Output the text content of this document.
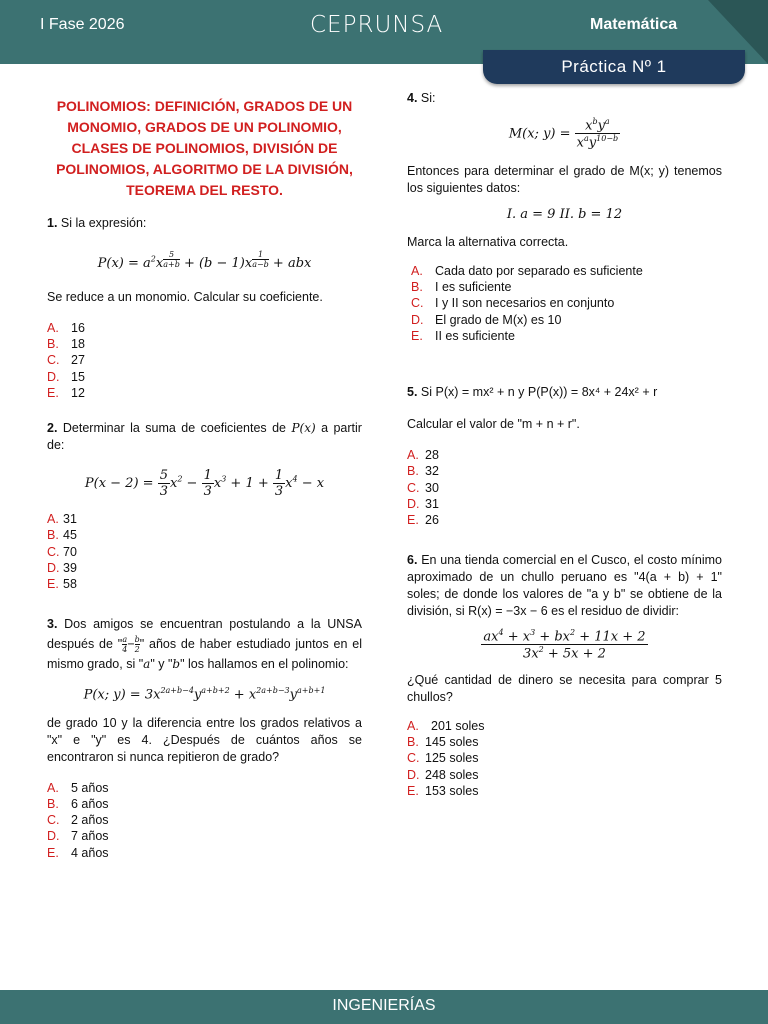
I Fase 2026	CEPRUNSA	Matemática
Práctica Nº 1
POLINOMIOS: DEFINICIÓN, GRADOS DE UN MONOMIO, GRADOS DE UN POLINOMIO, CLASES DE POLINOMIOS, DIVISIÓN DE POLINOMIOS, ALGORITMO DE LA DIVISIÓN, TEOREMA DEL RESTO.
1. Si la expresión:
$P(x) = a^2x$ $^{\frac{5}{a+b}}$ + (b − 1)x $^{\frac{1}{a-b}}$ + abx
Se reduce a un monomio. Calcular su coeficiente.
A. 16
B. 18
C. 27
D. 15
E. 12
2. Determinar la suma de coeficientes de P(x) a partir de:
$P(x - 2) = \frac{5}{3} x^2 - \frac{1}{3} x^3 + 1 + \frac{1}{3} x^4 - x$
A. 31
B. 45
C. 70
D. 39
E. 58
3. Dos amigos se encuentran postulando a la UNSA después de " $\frac{a}{4}- \frac{b}{2}$" años de haber estudiado juntos en el mismo grado, si "a" y "b" los hallamos en el polinomio:
P(x; $y) = 3x^{2a+b-4}y^{a+b+2} + x^{2a+b-3}y^{a+b+1}$
de grado 10 y la diferencia entre los grados relativos a "x" e "y" es 4. ¿Después de cuántos años se encontraron si nunca repitieron de grado?
A. 5 años
B. 6 años
C. 2 años
D. 7 años
E. 4 años
4. Si:
M(x; $y) = \frac{x^by^a}{x^ay^{10-b}}$
Entonces para determinar el grado de M(x; y) tenemos los siguientes datos:
I. a = 9 II. b = 12
Marca la alternativa correcta.
A. Cada dato por separado es suficiente
B. I es suficiente
C. I y II son necesarios en conjunto
D. El grado de M(x) es 10
E. II es suficiente
5. Si P(x) = mx² + n y P(P(x)) = 8x⁴ + 24x² + r
Calcular el valor de "m + n + r".
A. 28
B. 32
C. 30
D. 31
E. 26
6. En una tienda comercial en el Cusco, el costo mínimo aproximado de un chullo peruano es "4(a + b) + 1" soles; de donde los valores de "a y b" se obtiene de la división, si R(x) = −3x − 6 es el residuo de dividir:
$\frac{ax^4 + x^3 + bx^2 + 11x + 2}{3x^2 + 5x + 2}$
¿Qué cantidad de dinero se necesita para comprar 5 chullos?
A. 201 soles
B. 145 soles
C. 125 soles
D. 248 soles
E. 153 soles
INGENIERÍAS
